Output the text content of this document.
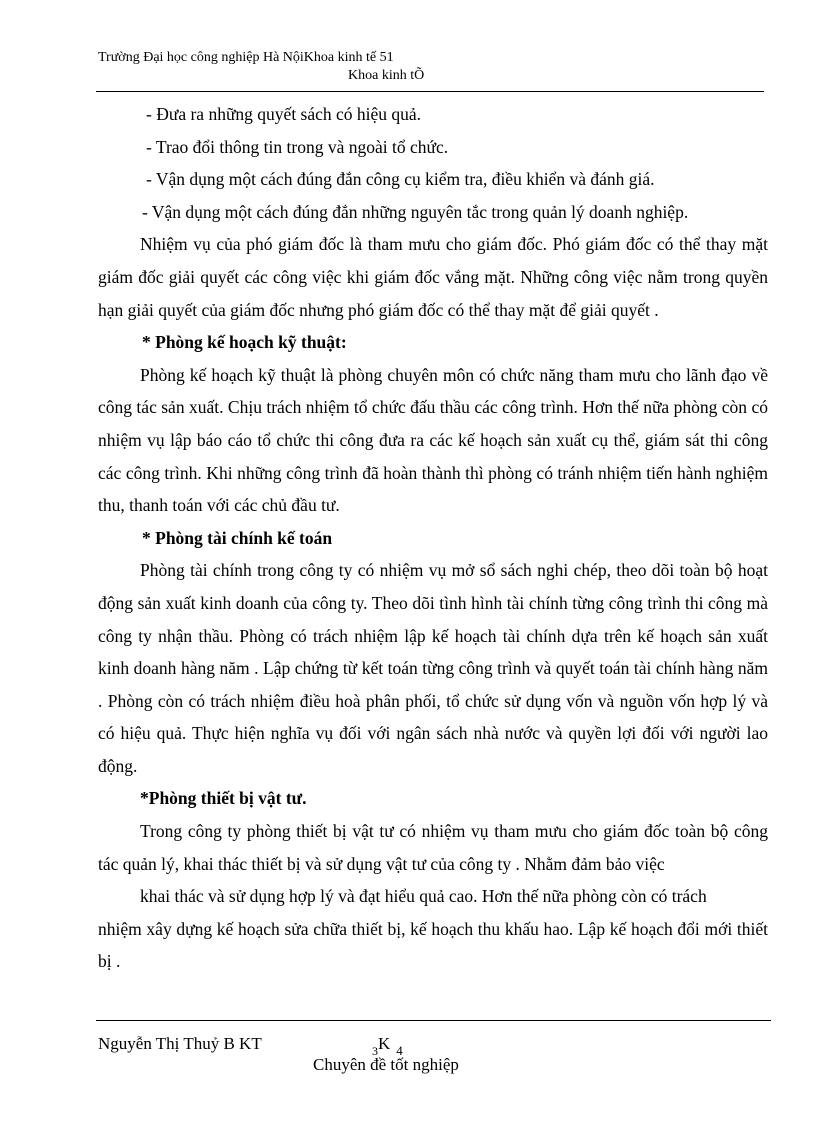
Trường Đại học công nghiệp Hà NộiKhoa kinh tế 51
Khoa kinh tÕ

- Đưa ra những quyết sách có hiệu quả.

- Trao đổi thông tin trong và ngoài tổ chức.

- Vận dụng một cách đúng đắn công cụ kiểm tra, điều khiển và đánh giá.

- Vận dụng một cách đúng đắn những nguyên tắc trong quản lý doanh nghiệp.

Nhiệm vụ của phó giám đốc là tham mưu cho giám đốc. Phó giám đốc có thể thay mặt giám đốc giải quyết các công việc khi giám đốc vắng mặt. Những công việc nằm trong quyền hạn giải quyết của giám đốc nhưng phó giám đốc có thể thay mặt để giải quyết .

* Phòng kế hoạch kỹ thuật:

Phòng kế hoạch kỹ thuật là phòng chuyên môn có chức năng tham mưu cho lãnh đạo về công tác sản xuất. Chịu trách nhiệm tổ chức đấu thầu các công trình. Hơn thế nữa phòng còn có nhiệm vụ lập báo cáo tổ chức thi công đưa ra các kế hoạch sản xuất cụ thể, giám sát thi công các công trình. Khi những công trình đã hoàn thành thì phòng có tránh nhiệm tiến hành nghiệm thu, thanh toán với các chủ đầu tư.

* Phòng tài chính kế toán

Phòng tài chính trong công ty có nhiệm vụ mở sổ sách nghi chép, theo dõi toàn bộ hoạt động sản xuất kinh doanh của công ty. Theo dõi tình hình tài chính từng công trình thi công mà công ty nhận thầu. Phòng có trách nhiệm lập kế hoạch tài chính dựa trên kế hoạch sản xuất kinh doanh hàng năm . Lập chứng từ kết toán từng công trình và quyết toán tài chính hàng năm . Phòng còn có trách nhiệm điều hoà phân phối, tổ chức sử dụng vốn và nguồn vốn hợp lý và có hiệu quả. Thực hiện nghĩa vụ đối với ngân sách nhà nước và quyền lợi đối với người lao động.

*Phòng thiết bị vật tư.

Trong công ty phòng thiết bị vật tư có nhiệm vụ tham mưu cho giám đốc toàn bộ công tác quản lý, khai thác thiết bị và sử dụng vật tư của công ty . Nhằm đảm bảo việc

khai thác và sử dụng hợp lý và đạt hiểu quả cao. Hơn thế nữa phòng còn có trách

nhiệm xây dựng kế hoạch sửa chữa thiết bị, kế hoạch thu khấu hao. Lập kế hoạch đổi mới thiết bị .

Nguyễn Thị Thuỷ B KT	$_3$K $_4$
Chuyên đề tốt nghiệp
